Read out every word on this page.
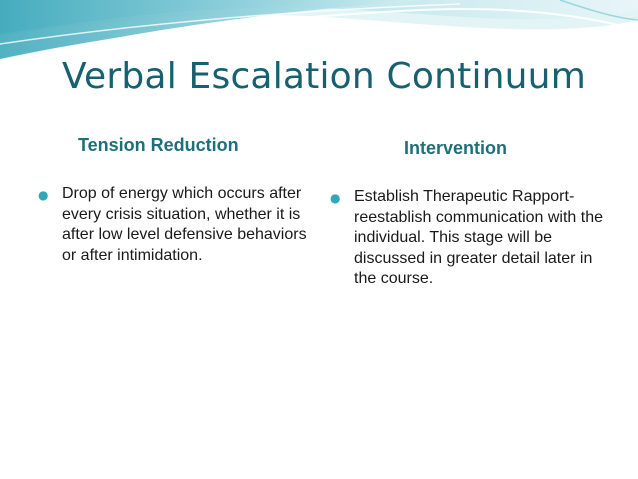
Verbal Escalation Continuum
Tension Reduction	Intervention
● Drop of energy which occurs after every crisis situation, whether it is after low level defensive behaviors or after intimidation.
● Establish Therapeutic Rapport- reestablish communication with the individual. This stage will be discussed in greater detail later in the course.
